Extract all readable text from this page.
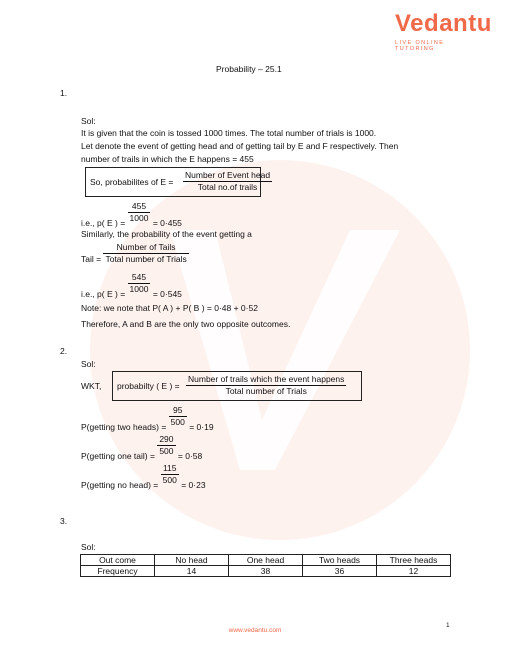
Vedantu
LIVE ONLINE TUTORING
Probability – 25.1
1.
Sol:
It is given that the coin is tossed 1000 times. The total number of trials is 1000.
Let denote the event of getting head and of getting tail by E and F respectively. Then
number of trails in which the E happens = 455
So, probabilites of E =
Number of Event head
Total no.of trails
i.e., p( E ) = $\frac{455}{1000} = 0\cdot 455$
Similarly, the probability of the event getting a
Tail = $\frac{\text{Number of Tails}}{\text{Total number of Trials}}$
i.e., p( E ) = $\frac{545}{1000} = 0\cdot 545$
Note: we note that P( A ) + P( B ) = 0·48 + 0·52
Therefore, A and B are the only two opposite outcomes.
2.
Sol:
WKT, probabilty ( E ) =
Number of trails which the event happens
Total number of Trials
P(getting two heads) = $\frac{95}{500} = 0\cdot 19$
P(getting one tail) = $\frac{290}{500} = 0\cdot 58$
P(getting no head) = $\frac{115}{500} = 0\cdot 23$
3.
Sol:
Out come	No head	One head	Two heads	Three heads
Frequency	14	38	36	12
1
www.vedantu.com
